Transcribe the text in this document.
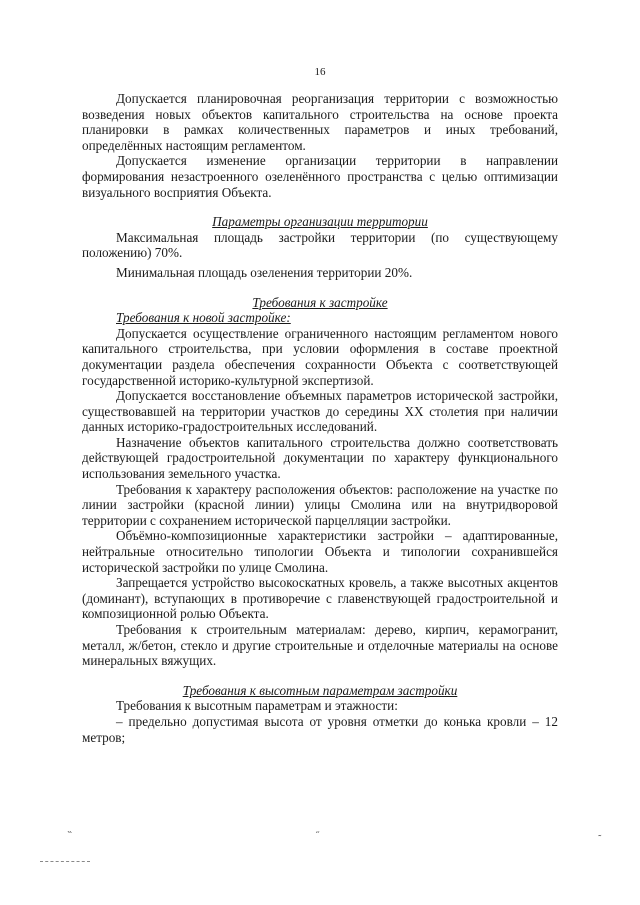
16

Допускается планировочная реорганизация территории с возможностью возведения новых объектов капитального строительства на основе проекта планировки в рамках количественных параметров и иных требований, определённых настоящим регламентом.

Допускается изменение организации территории в направлении формирования незастроенного озеленённого пространства с целью оптимизации визуального восприятия Объекта.

Параметры организации территории

Максимальная площадь застройки территории (по существующему положению) 70%.

Минимальная площадь озеленения территории 20%.

Требования к застройке

Требования к новой застройке:

Допускается осуществление ограниченного настоящим регламентом нового капитального строительства, при условии оформления в составе проектной документации раздела обеспечения сохранности Объекта с соответствующей государственной историко-культурной экспертизой.

Допускается восстановление объемных параметров исторической застройки, существовавшей на территории участков до середины XX столетия при наличии данных историко-градостроительных исследований.

Назначение объектов капитального строительства должно соответствовать действующей градостроительной документации по характеру функционального использования земельного участка.

Требования к характеру расположения объектов: расположение на участке по линии застройки (красной линии) улицы Смолина или на внутридворовой территории с сохранением исторической парцелляции застройки.

Объёмно-композиционные характеристики застройки – адаптированные, нейтральные относительно типологии Объекта и типологии сохранившейся исторической застройки по улице Смолина.

Запрещается устройство высокоскатных кровель, а также высотных акцентов (доминант), вступающих в противоречие с главенствующей градостроительной и композиционной ролью Объекта.

Требования к строительным материалам: дерево, кирпич, керамогранит, металл, ж/бетон, стекло и другие строительные и отделочные материалы на основе минеральных вяжущих.

Требования к высотным параметрам застройки

Требования к высотным параметрам и этажности:

– предельно допустимая высота от уровня отметки до конька кровли – 12 метров;

˵	˶	˷
